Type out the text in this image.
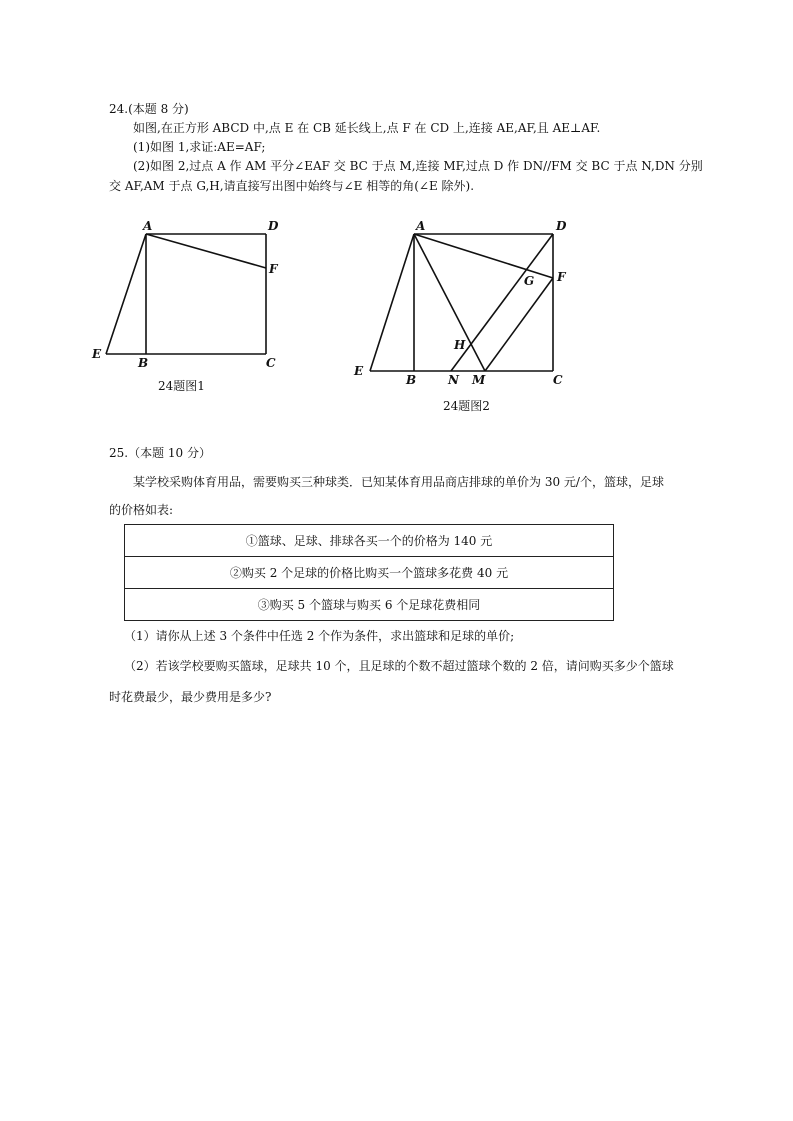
24.(本题 8 分)
如图,在正方形 ABCD 中,点 E 在 CB 延长线上,点 F 在 CD 上,连接 AE,AF,且 AE⊥AF.
(1)如图 1,求证:AE=AF;
(2)如图 2,过点 A 作 AM 平分∠EAF 交 BC 于点 M,连接 MF,过点 D 作 DN//FM 交 BC 于点 N,DN 分别
交 AF,AM 于点 G,H,请直接写出图中始终与∠E 相等的角(∠E 除外).
A	D
F
E
B	C
24题图1
A	D
F
G
H
E
B	N M	C
24题图2
25.（本题 10 分）
某学校采购体育用品，需要购买三种球类．已知某体育用品商店排球的单价为 30 元/个，篮球，足球
的价格如表:
①篮球、足球、排球各买一个的价格为 140 元
②购买 2 个足球的价格比购买一个篮球多花费 40 元
③购买 5 个篮球与购买 6 个足球花费相同
（1）请你从上述 3 个条件中任选 2 个作为条件，求出篮球和足球的单价;
（2）若该学校要购买篮球，足球共 10 个，且足球的个数不超过篮球个数的 2 倍，请问购买多少个篮球
时花费最少，最少费用是多少?
